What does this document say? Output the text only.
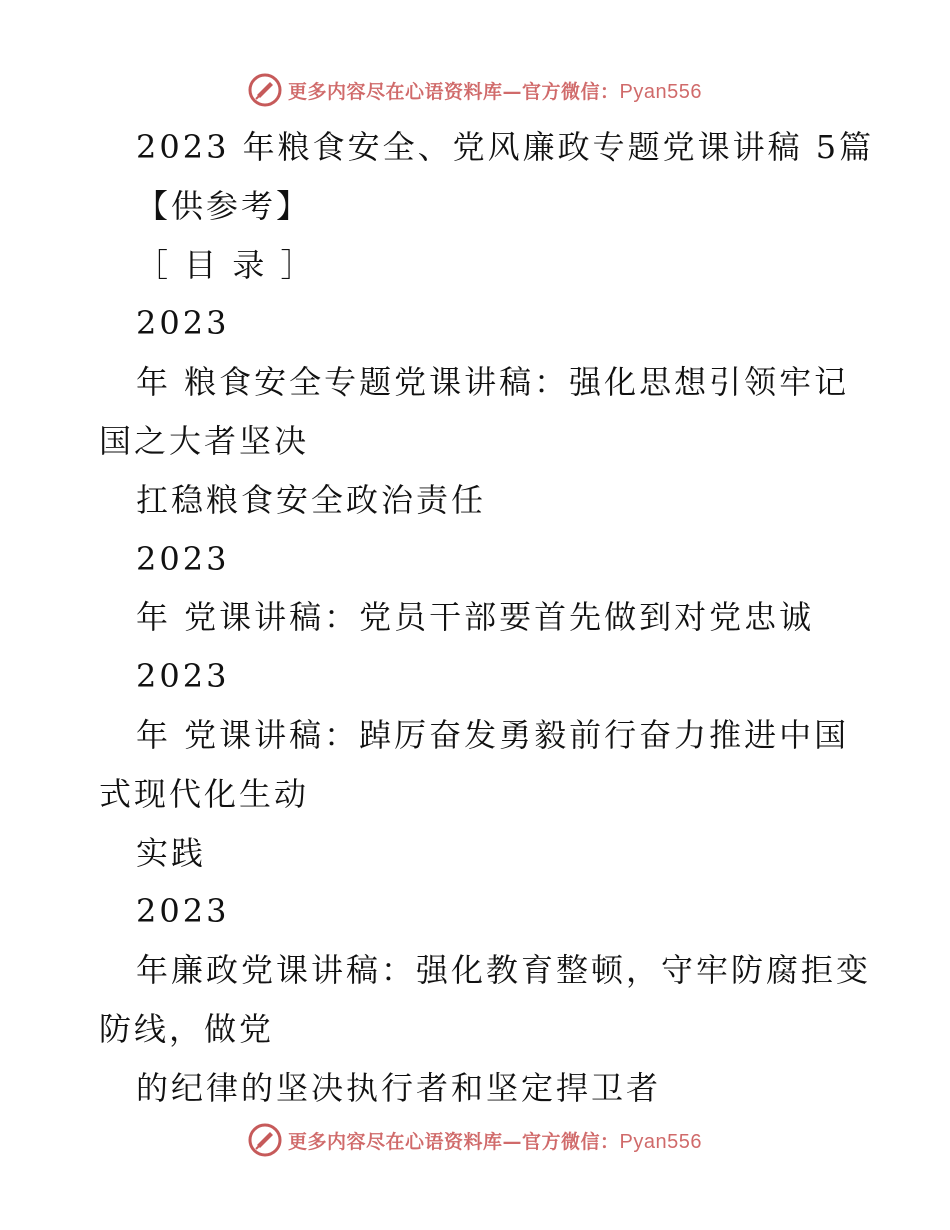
更多内容尽在心语资料库—官方微信：Pyan556
2023 年粮食安全、党风廉政专题党课讲稿 5篇
【供参考】
［ 目 录 ］
2023
年 粮食安全专题党课讲稿：强化思想引领牢记
国之大者坚决
扛稳粮食安全政治责任
2023
年 党课讲稿：党员干部要首先做到对党忠诚
2023
年 党课讲稿：踔厉奋发勇毅前行奋力推进中国
式现代化生动
实践
2023
年廉政党课讲稿：强化教育整顿，守牢防腐拒变
防线，做党
的纪律的坚决执行者和坚定捍卫者
更多内容尽在心语资料库—官方微信：Pyan556
